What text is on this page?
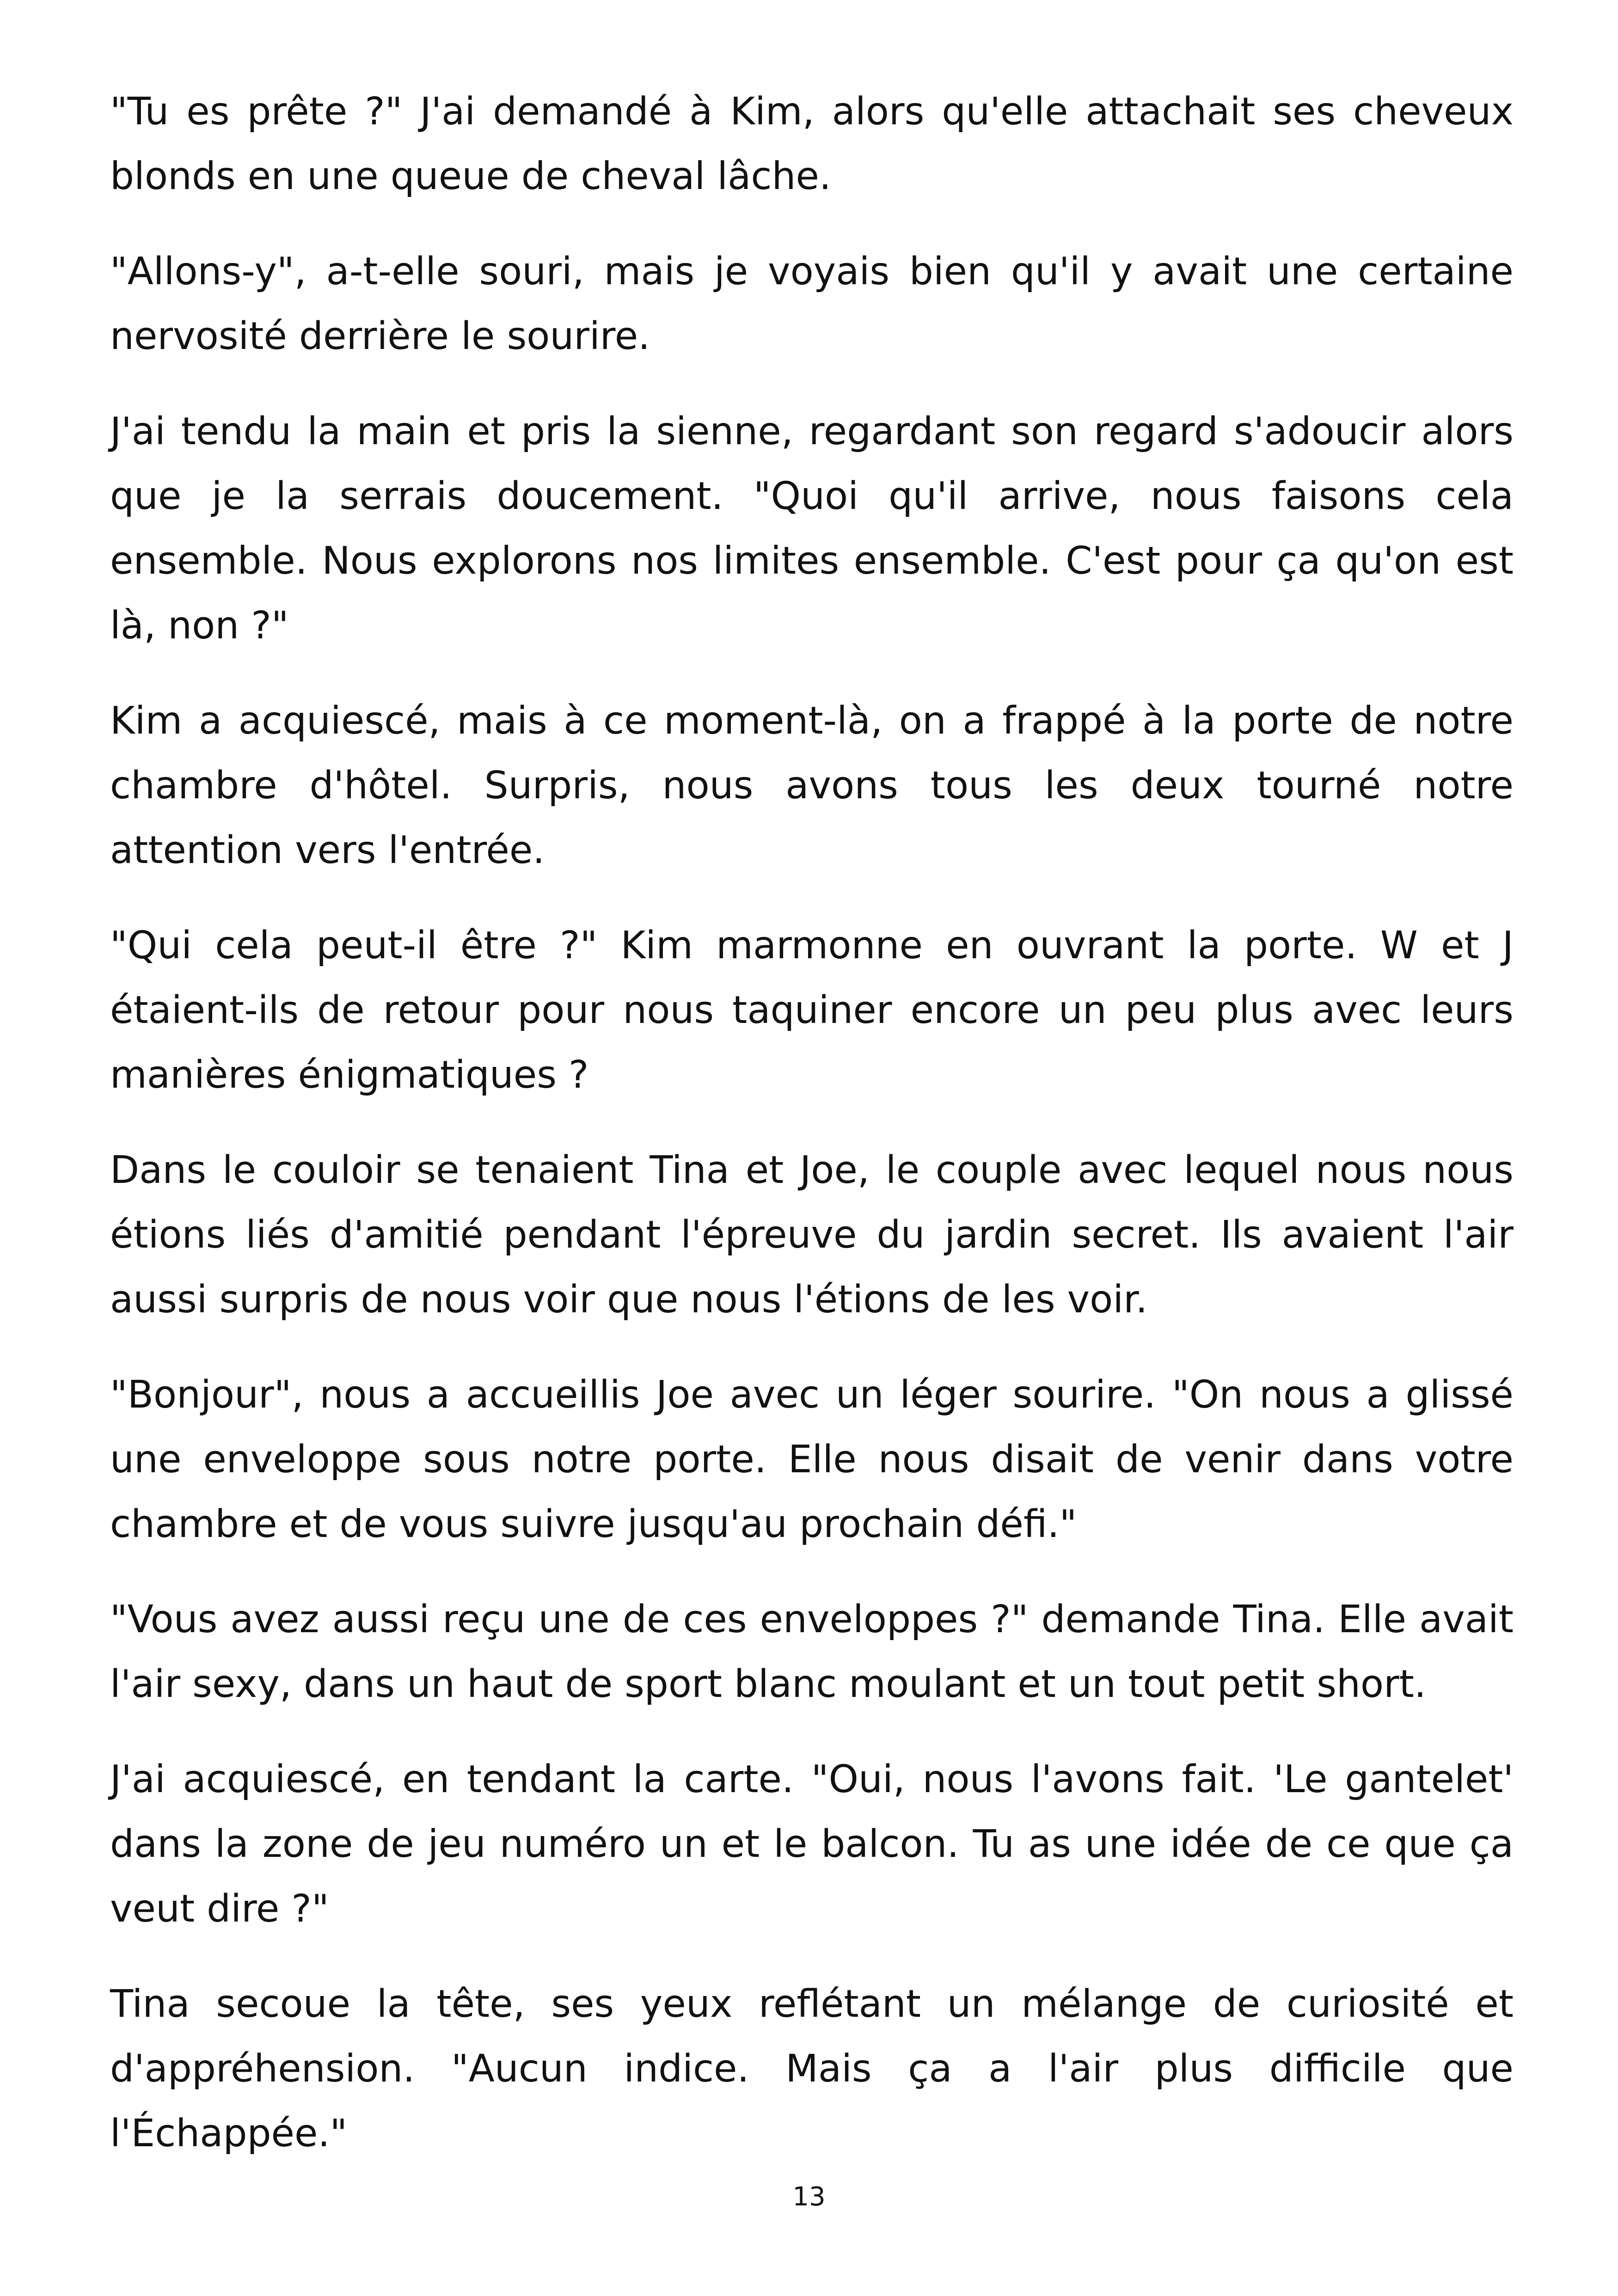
"Tu es prête ?" J'ai demandé à Kim, alors qu'elle attachait ses cheveux blonds en une queue de cheval lâche.

"Allons-y", a-t-elle souri, mais je voyais bien qu'il y avait une certaine nervosité derrière le sourire.

J'ai tendu la main et pris la sienne, regardant son regard s'adoucir alors que je la serrais doucement. "Quoi qu'il arrive, nous faisons cela ensemble. Nous explorons nos limites ensemble. C'est pour ça qu'on est là, non ?"

Kim a acquiescé, mais à ce moment-là, on a frappé à la porte de notre chambre d'hôtel. Surpris, nous avons tous les deux tourné notre attention vers l'entrée.

"Qui cela peut-il être ?" Kim marmonne en ouvrant la porte. W et J étaient-ils de retour pour nous taquiner encore un peu plus avec leurs manières énigmatiques ?

Dans le couloir se tenaient Tina et Joe, le couple avec lequel nous nous étions liés d'amitié pendant l'épreuve du jardin secret. Ils avaient l'air aussi surpris de nous voir que nous l'étions de les voir.

"Bonjour", nous a accueillis Joe avec un léger sourire. "On nous a glissé une enveloppe sous notre porte. Elle nous disait de venir dans votre chambre et de vous suivre jusqu'au prochain défi."

"Vous avez aussi reçu une de ces enveloppes ?" demande Tina. Elle avait l'air sexy, dans un haut de sport blanc moulant et un tout petit short.

J'ai acquiescé, en tendant la carte. "Oui, nous l'avons fait. 'Le gantelet' dans la zone de jeu numéro un et le balcon. Tu as une idée de ce que ça veut dire ?"

Tina secoue la tête, ses yeux reflétant un mélange de curiosité et d'appréhension. "Aucun indice. Mais ça a l'air plus difficile que l'Échappée."

13
